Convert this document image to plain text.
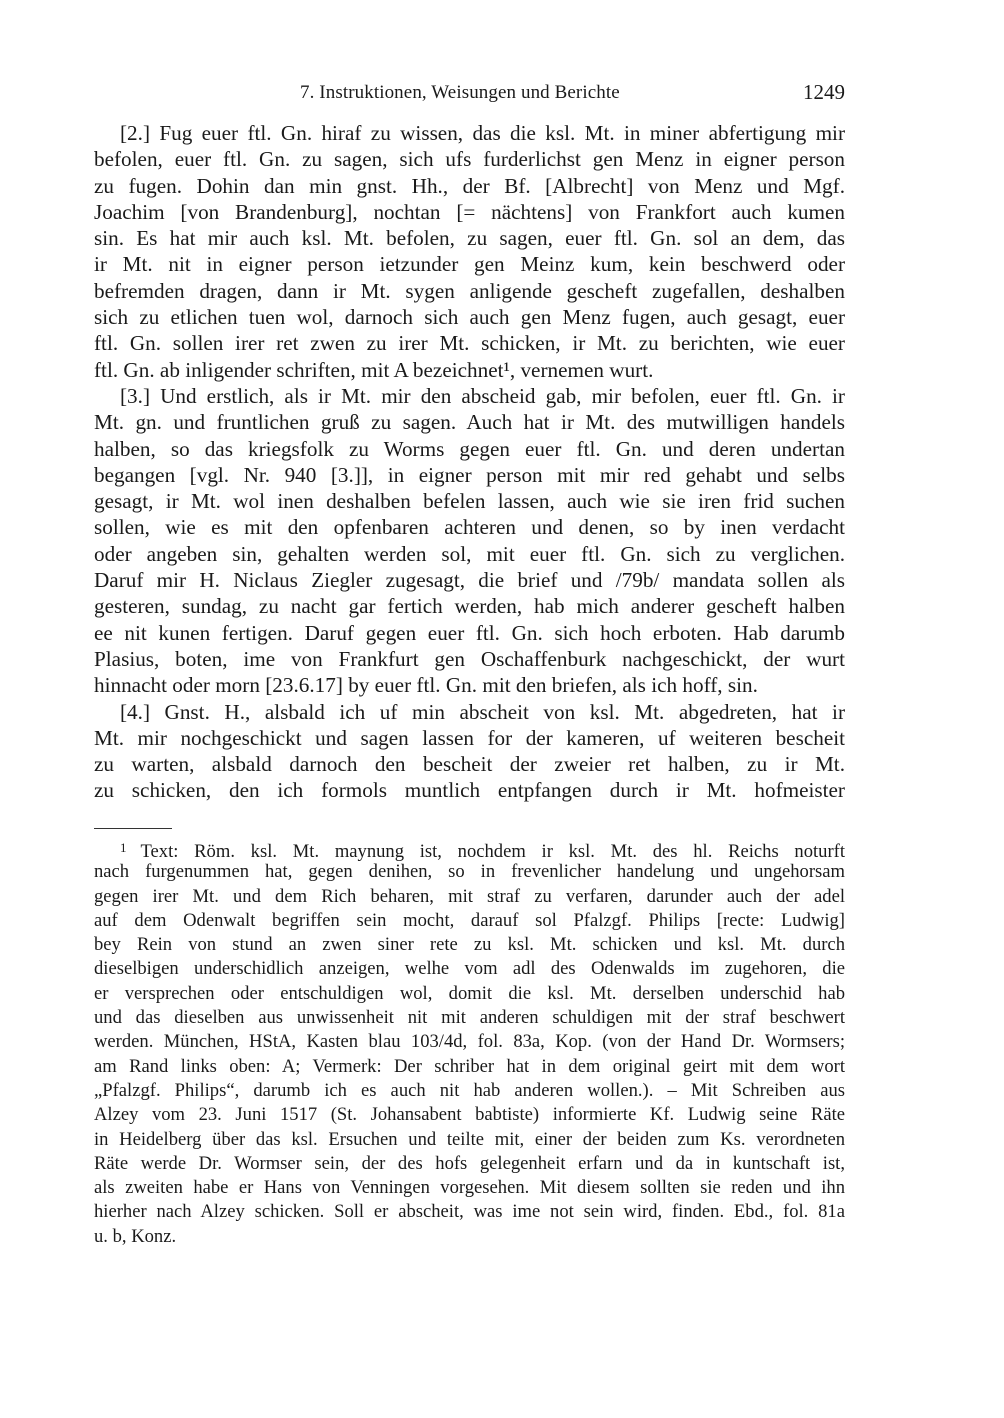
7. Instruktionen, Weisungen und Berichte	1249
[2.] Fug euer ftl. Gn. hiraf zu wissen, das die ksl. Mt. in miner abfertigung mir
befolen, euer ftl. Gn. zu sagen, sich ufs furderlichst gen Menz in eigner person
zu fugen. Dohin dan min gnst. Hh., der Bf. [Albrecht] von Menz und Mgf.
Joachim [von Brandenburg], nochtan [= nächtens] von Frankfort auch kumen
sin. Es hat mir auch ksl. Mt. befolen, zu sagen, euer ftl. Gn. sol an dem, das
ir Mt. nit in eigner person ietzunder gen Meinz kum, kein beschwerd oder
befremden dragen, dann ir Mt. sygen anligende gescheft zugefallen, deshalben
sich zu etlichen tuen wol, darnoch sich auch gen Menz fugen, auch gesagt, euer
ftl. Gn. sollen irer ret zwen zu irer Mt. schicken, ir Mt. zu berichten, wie euer
ftl. Gn. ab inligender schriften, mit A bezeichnet¹, vernemen wurt.
[3.] Und erstlich, als ir Mt. mir den abscheid gab, mir befolen, euer ftl. Gn. ir
Mt. gn. und fruntlichen gruß zu sagen. Auch hat ir Mt. des mutwilligen handels
halben, so das kriegsfolk zu Worms gegen euer ftl. Gn. und deren undertan
begangen [vgl. Nr. 940 [3.]], in eigner person mit mir red gehabt und selbs
gesagt, ir Mt. wol inen deshalben befelen lassen, auch wie sie iren frid suchen
sollen, wie es mit den opfenbaren achteren und denen, so by inen verdacht
oder angeben sin, gehalten werden sol, mit euer ftl. Gn. sich zu verglichen.
Daruf mir H. Niclaus Ziegler zugesagt, die brief und /79b/ mandata sollen als
gesteren, sundag, zu nacht gar fertich werden, hab mich anderer gescheft halben
ee nit kunen fertigen. Daruf gegen euer ftl. Gn. sich hoch erboten. Hab darumb
Plasius, boten, ime von Frankfurt gen Oschaffenburk nachgeschickt, der wurt
hinnacht oder morn [23.6.17] by euer ftl. Gn. mit den briefen, als ich hoff, sin.
[4.] Gnst. H., alsbald ich uf min abscheit von ksl. Mt. abgedreten, hat ir
Mt. mir nochgeschickt und sagen lassen for der kameren, uf weiteren bescheit
zu warten, alsbald darnoch den bescheit der zweier ret halben, zu ir Mt.
zu schicken, den ich formols muntlich entpfangen durch ir Mt. hofmeister
$^1$ Text: Röm. ksl. Mt. maynung ist, nochdem ir ksl. Mt. des hl. Reichs noturft
nach furgenummen hat, gegen denihen, so in frevenlicher handelung und ungehorsam
gegen irer Mt. und dem Rich beharen, mit straf zu verfaren, darunder auch der adel
auf dem Odenwalt begriffen sein mocht, darauf sol Pfalzgf. Philips [recte: Ludwig]
bey Rein von stund an zwen siner rete zu ksl. Mt. schicken und ksl. Mt. durch
dieselbigen underschidlich anzeigen, welhe vom adl des Odenwalds im zugehoren, die
er versprechen oder entschuldigen wol, domit die ksl. Mt. derselben underschid hab
und das dieselben aus unwissenheit nit mit anderen schuldigen mit der straf beschwert
werden. München, HStA, Kasten blau 103/4d, fol. 83a, Kop. (von der Hand Dr. Wormsers;
am Rand links oben: A; Vermerk: Der schriber hat in dem original geirt mit dem wort
„Pfalzgf. Philips“, darumb ich es auch nit hab anderen wollen.). – Mit Schreiben aus
Alzey vom 23. Juni 1517 (St. Johansabent babtiste) informierte Kf. Ludwig seine Räte
in Heidelberg über das ksl. Ersuchen und teilte mit, einer der beiden zum Ks. verordneten
Räte werde Dr. Wormser sein, der des hofs gelegenheit erfarn und da in kuntschaft ist,
als zweiten habe er Hans von Venningen vorgesehen. Mit diesem sollten sie reden und ihn
hierher nach Alzey schicken. Soll er abscheit, was ime not sein wird, finden. Ebd., fol. 81a
u. b, Konz.
